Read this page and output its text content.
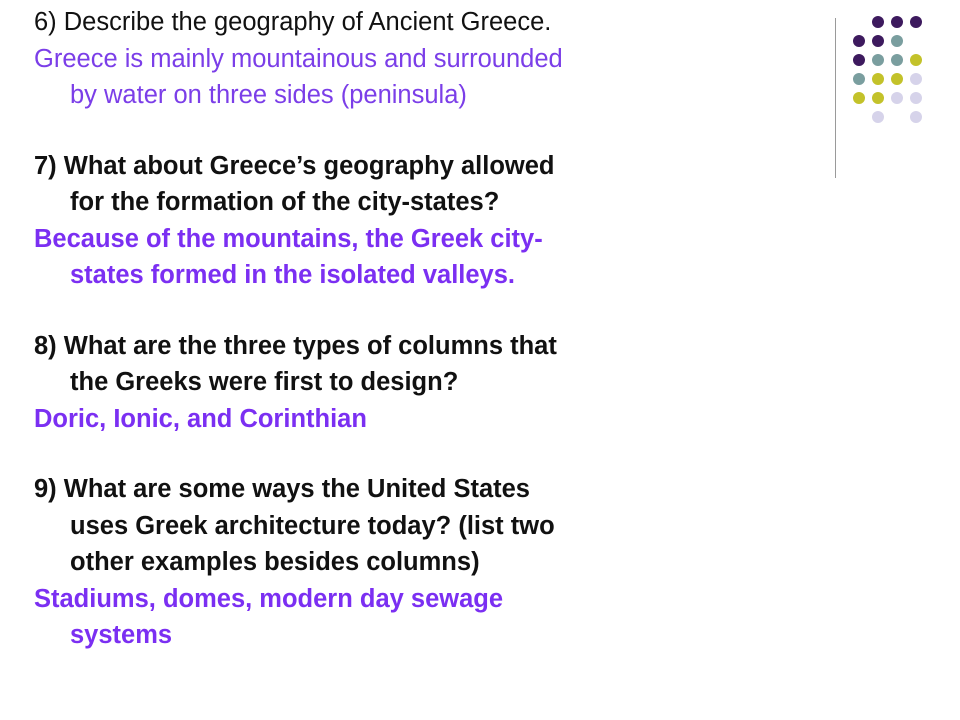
6) Describe the geography of Ancient Greece.
Greece is mainly mountainous and surrounded
by water on three sides (peninsula)
7) What about Greece’s geography allowed
for the formation of the city-states?
Because of the mountains, the Greek city-
states formed in the isolated valleys.
8) What are the three types of columns that
the Greeks were first to design?
Doric, Ionic, and Corinthian
9) What are some ways the United States
uses Greek architecture today? (list two
other examples besides columns)
Stadiums, domes, modern day sewage
systems
